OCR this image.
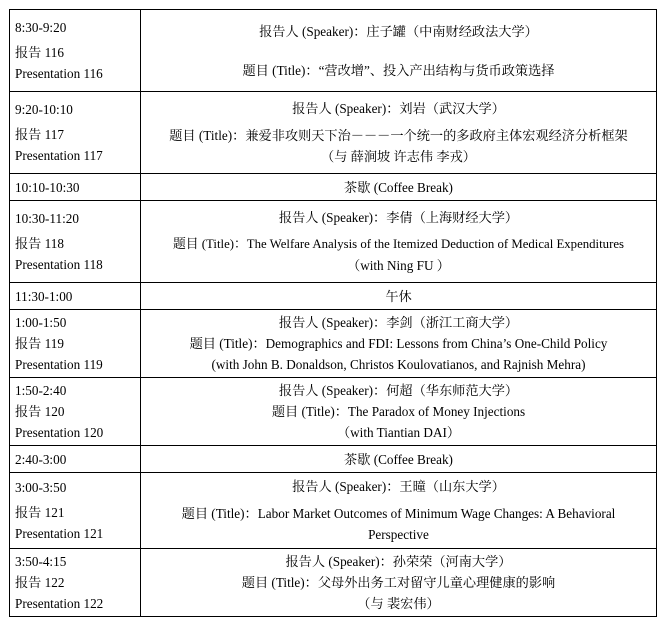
8:30-9:20
报告 116
Presentation 116	报告人 (Speaker)：庄子罐（中南财经政法大学）
题目 (Title)：“营改增”、投入产出结构与货币政策选择

9:20-10:10
报告 117
Presentation 117	报告人 (Speaker)：刘岩（武汉大学）
题目 (Title)：兼爱非攻则天下治－－－一个统一的多政府主体宏观经济分析框架
（与 薛涧坡 许志伟 李戎）

10:10-10:30	茶歇 (Coffee Break)

10:30-11:20
报告 118
Presentation 118	报告人 (Speaker)：李倩（上海财经大学）
题目 (Title)：The Welfare Analysis of the Itemized Deduction of Medical Expenditures
（with Ning FU ）

11:30-1:00	午休

1:00-1:50
报告 119
Presentation 119	报告人 (Speaker)：李剑（浙江工商大学）
题目 (Title)：Demographics and FDI: Lessons from China’s One-Child Policy
(with John B. Donaldson, Christos Koulovatianos, and Rajnish Mehra)

1:50-2:40
报告 120
Presentation 120	报告人 (Speaker)：何超（华东师范大学）
题目 (Title)：The Paradox of Money Injections
（with Tiantian DAI）

2:40-3:00	茶歇 (Coffee Break)

3:00-3:50
报告 121
Presentation 121	报告人 (Speaker)：王曈（山东大学）
题目 (Title)：Labor Market Outcomes of Minimum Wage Changes: A Behavioral
Perspective

3:50-4:15
报告 122
Presentation 122	报告人 (Speaker)：孙荣荣（河南大学）
题目 (Title)：父母外出务工对留守儿童心理健康的影响
（与 裴宏伟）
